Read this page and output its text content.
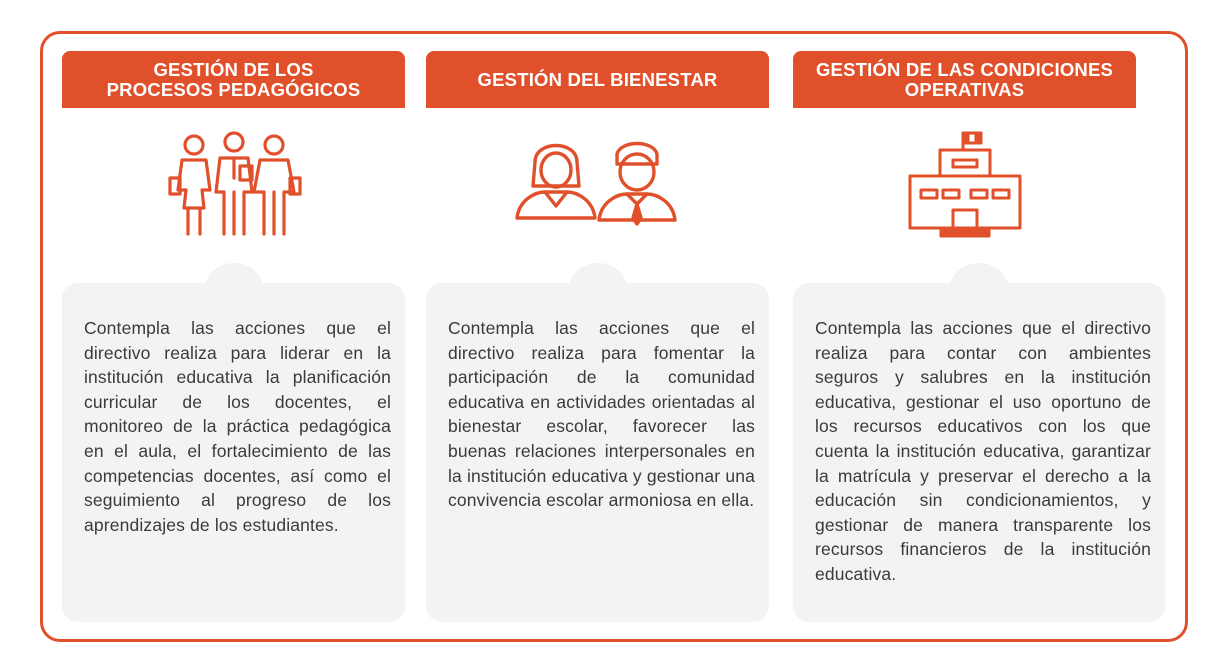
GESTIÓN DE LOS
PROCESOS PEDAGÓGICOS

Contempla las acciones que el directivo realiza para liderar en la institución educativa la planificación curricular de los docentes, el monitoreo de la práctica pedagógica en el aula, el fortalecimiento de las competencias docentes, así como el seguimiento al progreso de los aprendizajes de los estudiantes.

GESTIÓN DEL BIENESTAR

Contempla las acciones que el directivo realiza para fomentar la participación de la comunidad educativa en actividades orientadas al bienestar escolar, favorecer las buenas relaciones interpersonales en la institución educativa y gestionar una convivencia escolar armoniosa en ella.

GESTIÓN DE LAS CONDICIONES
OPERATIVAS

Contempla las acciones que el directivo realiza para contar con ambientes seguros y salubres en la institución educativa, gestionar el uso oportuno de los recursos educativos con los que cuenta la institución educativa, garantizar la matrícula y preservar el derecho a la educación sin condicionamientos, y gestionar de manera transparente los recursos financieros de la institución educativa.
